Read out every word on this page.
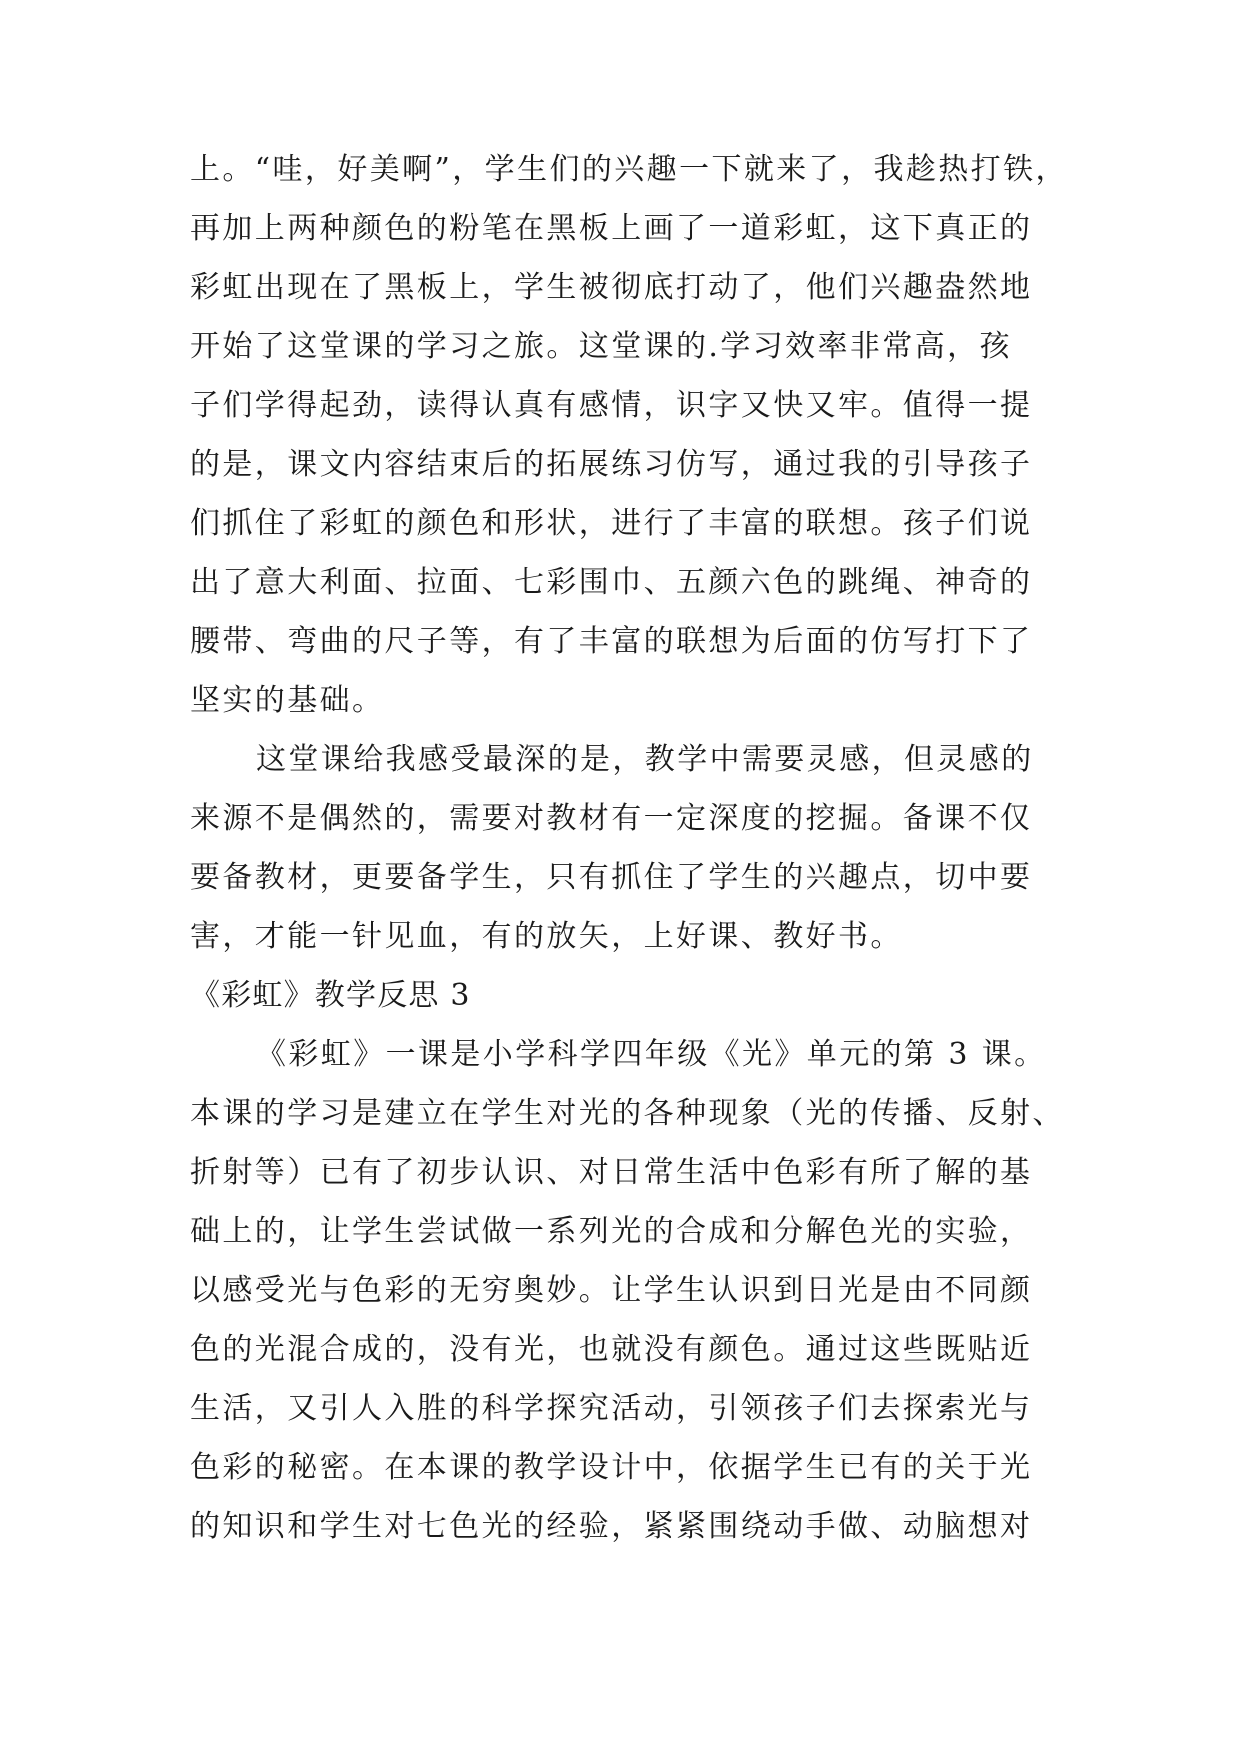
上。“哇，好美啊”，学生们的兴趣一下就来了，我趁热打铁，
再加上两种颜色的粉笔在黑板上画了一道彩虹，这下真正的
彩虹出现在了黑板上，学生被彻底打动了，他们兴趣盎然地
开始了这堂课的学习之旅。这堂课的.学习效率非常高，孩
子们学得起劲，读得认真有感情，识字又快又牢。值得一提
的是，课文内容结束后的拓展练习仿写，通过我的引导孩子
们抓住了彩虹的颜色和形状，进行了丰富的联想。孩子们说
出了意大利面、拉面、七彩围巾、五颜六色的跳绳、神奇的
腰带、弯曲的尺子等，有了丰富的联想为后面的仿写打下了
坚实的基础。
这堂课给我感受最深的是，教学中需要灵感，但灵感的
来源不是偶然的，需要对教材有一定深度的挖掘。备课不仅
要备教材，更要备学生，只有抓住了学生的兴趣点，切中要
害，才能一针见血，有的放矢，上好课、教好书。
《彩虹》教学反思 3
《彩虹》一课是小学科学四年级《光》单元的第 3 课。
本课的学习是建立在学生对光的各种现象（光的传播、反射、
折射等）已有了初步认识、对日常生活中色彩有所了解的基
础上的，让学生尝试做一系列光的合成和分解色光的实验，
以感受光与色彩的无穷奥妙。让学生认识到日光是由不同颜
色的光混合成的，没有光，也就没有颜色。通过这些既贴近
生活，又引人入胜的科学探究活动，引领孩子们去探索光与
色彩的秘密。在本课的教学设计中，依据学生已有的关于光
的知识和学生对七色光的经验，紧紧围绕动手做、动脑想对
